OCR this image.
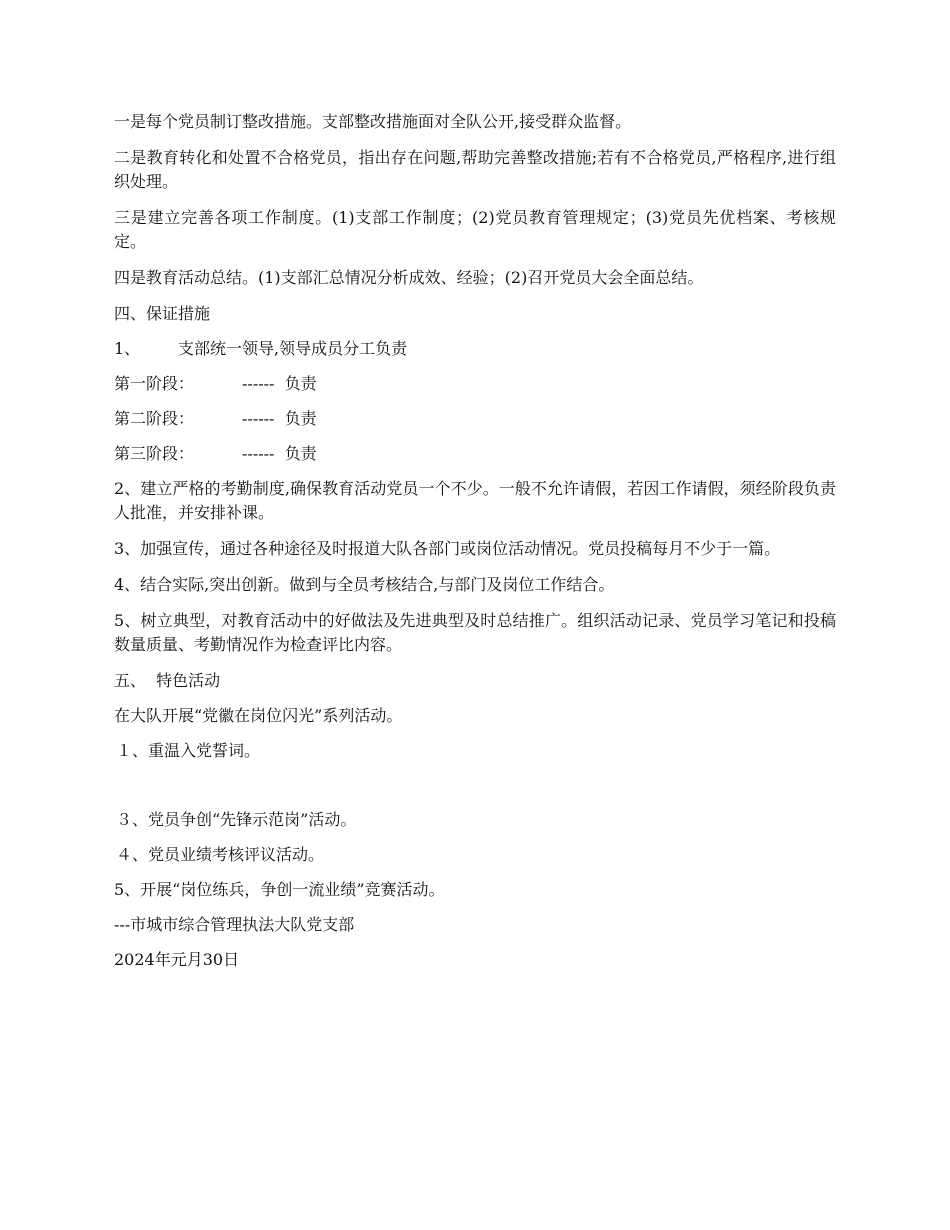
一是每个党员制订整改措施。支部整改措施面对全队公开,接受群众监督。

二是教育转化和处置不合格党员，指出存在问题,帮助完善整改措施;若有不合格党员,严格程序,进行组织处理。

三是建立完善各项工作制度。(1)支部工作制度；(2)党员教育管理规定；(3)党员先优档案、考核规定。

四是教育活动总结。(1)支部汇总情况分析成效、经验；(2)召开党员大会全面总结。

四、保证措施

1、	支部统一领导,领导成员分工负责
第一阶段：	------  负责
第二阶段：	------  负责
第三阶段：	------  负责

2、建立严格的考勤制度,确保教育活动党员一个不少。一般不允许请假，若因工作请假，须经阶段负责人批准，并安排补课。

3、加强宣传，通过各种途径及时报道大队各部门或岗位活动情况。党员投稿每月不少于一篇。

4、结合实际,突出创新。做到与全员考核结合,与部门及岗位工作结合。

5、树立典型，对教育活动中的好做法及先进典型及时总结推广。组织活动记录、党员学习笔记和投稿数量质量、考勤情况作为检查评比内容。

五、  特色活动

在大队开展“党徽在岗位闪光”系列活动。

１、重温入党誓词。

３、党员争创“先锋示范岗”活动。

４、党员业绩考核评议活动。

5、开展“岗位练兵，争创一流业绩”竞赛活动。

---市城市综合管理执法大队党支部

2024年元月30日
